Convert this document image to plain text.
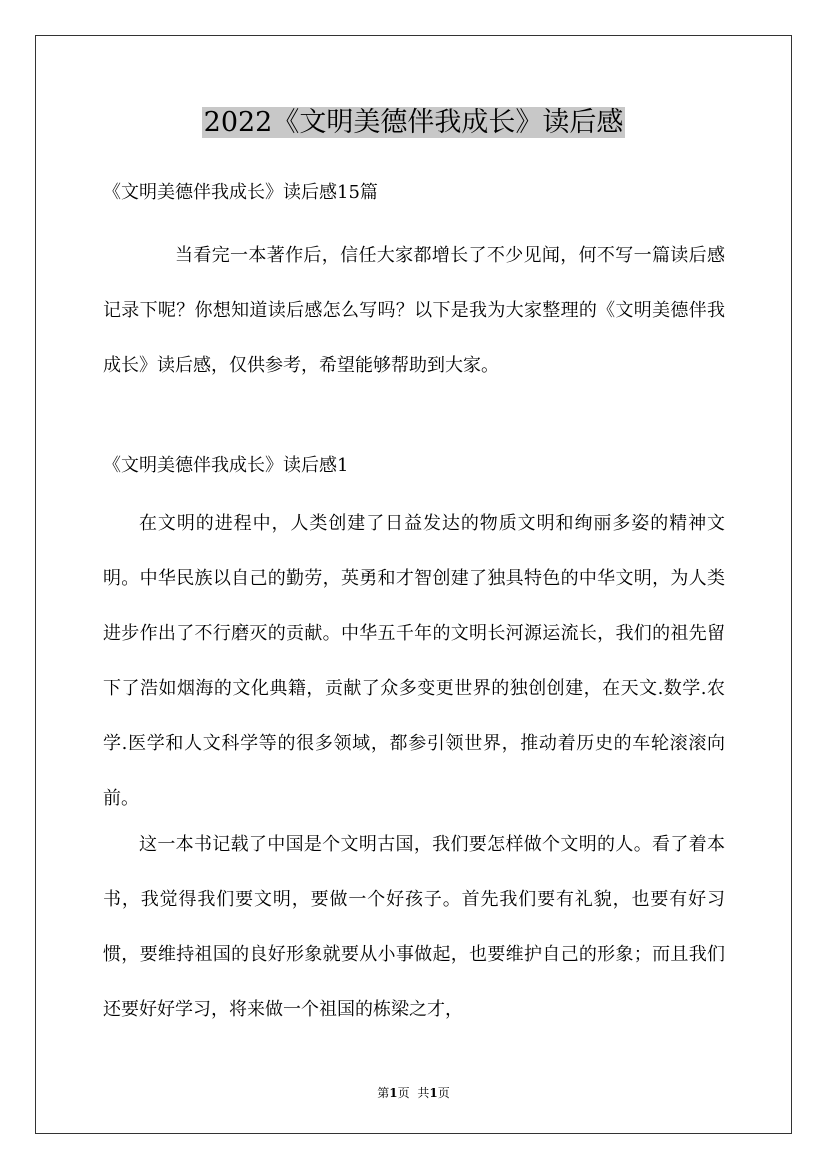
2022《文明美德伴我成长》读后感
《文明美德伴我成长》读后感15篇

当看完一本著作后，信任大家都增长了不少见闻，何不写一篇读后感记录下呢？你想知道读后感怎么写吗？以下是我为大家整理的《文明美德伴我成长》读后感，仅供参考，希望能够帮助到大家。

《文明美德伴我成长》读后感1

在文明的进程中，人类创建了日益发达的物质文明和绚丽多姿的精神文明。中华民族以自己的勤劳，英勇和才智创建了独具特色的中华文明，为人类进步作出了不行磨灭的贡献。中华五千年的文明长河源运流长，我们的祖先留下了浩如烟海的文化典籍，贡献了众多变更世界的独创创建，在天文.数学.农学.医学和人文科学等的很多领域，都参引领世界，推动着历史的车轮滚滚向前。

这一本书记载了中国是个文明古国，我们要怎样做个文明的人。看了着本书，我觉得我们要文明，要做一个好孩子。首先我们要有礼貌，也要有好习惯，要维持祖国的良好形象就要从小事做起，也要维护自己的形象；而且我们还要好好学习，将来做一个祖国的栋梁之才，

第1页 共1页
